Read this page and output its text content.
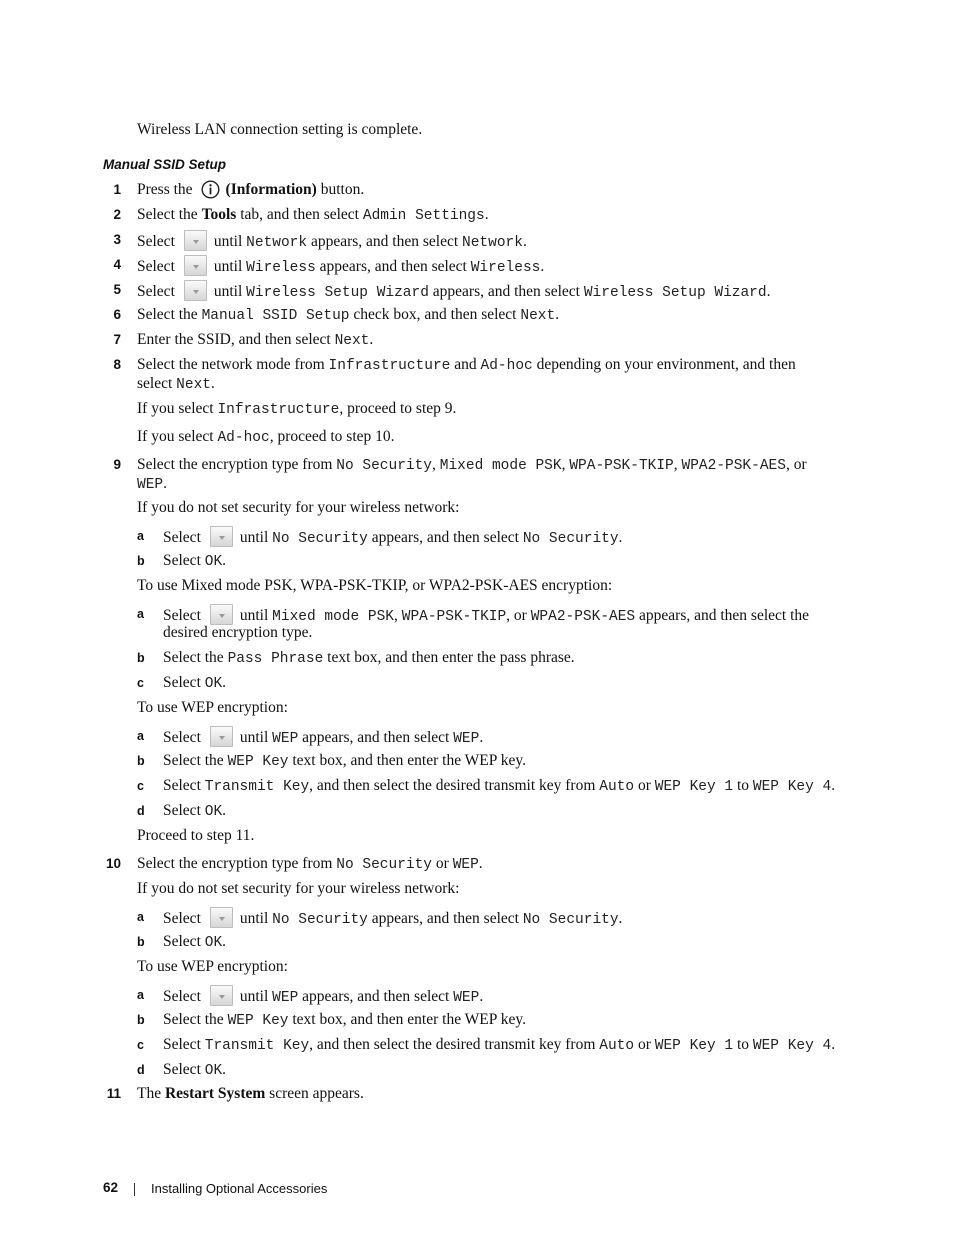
Wireless LAN connection setting is complete.
Manual SSID Setup
1 Press the (Information) button.
2 Select the Tools tab, and then select Admin Settings.
3 Select	until Network appears, and then select Network.
4 Select	until Wireless appears, and then select Wireless.
5 Select	until Wireless Setup Wizard appears, and then select Wireless Setup Wizard.
6 Select the Manual SSID Setup check box, and then select Next.
7 Enter the SSID, and then select Next.
8 Select the network mode from Infrastructure and Ad-hoc depending on your environment, and then
select Next.
If you select Infrastructure, proceed to step 9.
If you select Ad-hoc, proceed to step 10.
9 Select the encryption type from No Security, Mixed mode PSK, WPA-PSK-TKIP, WPA2-PSK-AES, or
WEP.
If you do not set security for your wireless network:
a Select	until No Security appears, and then select No Security.
b Select OK.
To use Mixed mode PSK, WPA-PSK-TKIP, or WPA2-PSK-AES encryption:
a Select	until Mixed mode PSK, WPA-PSK-TKIP, or WPA2-PSK-AES appears, and then select the
desired encryption type.
b Select the Pass Phrase text box, and then enter the pass phrase.
c Select OK.
To use WEP encryption:
a Select	until WEP appears, and then select WEP.
b Select the WEP Key text box, and then enter the WEP key.
c Select Transmit Key, and then select the desired transmit key from Auto or WEP Key 1 to WEP Key 4.
d Select OK.
Proceed to step 11.
10 Select the encryption type from No Security or WEP.
If you do not set security for your wireless network:
a Select	until No Security appears, and then select No Security.
b Select OK.
To use WEP encryption:
a Select	until WEP appears, and then select WEP.
b Select the WEP Key text box, and then enter the WEP key.
c Select Transmit Key, and then select the desired transmit key from Auto or WEP Key 1 to WEP Key 4.
d Select OK.
11 The Restart System screen appears.
62	Installing Optional Accessories
